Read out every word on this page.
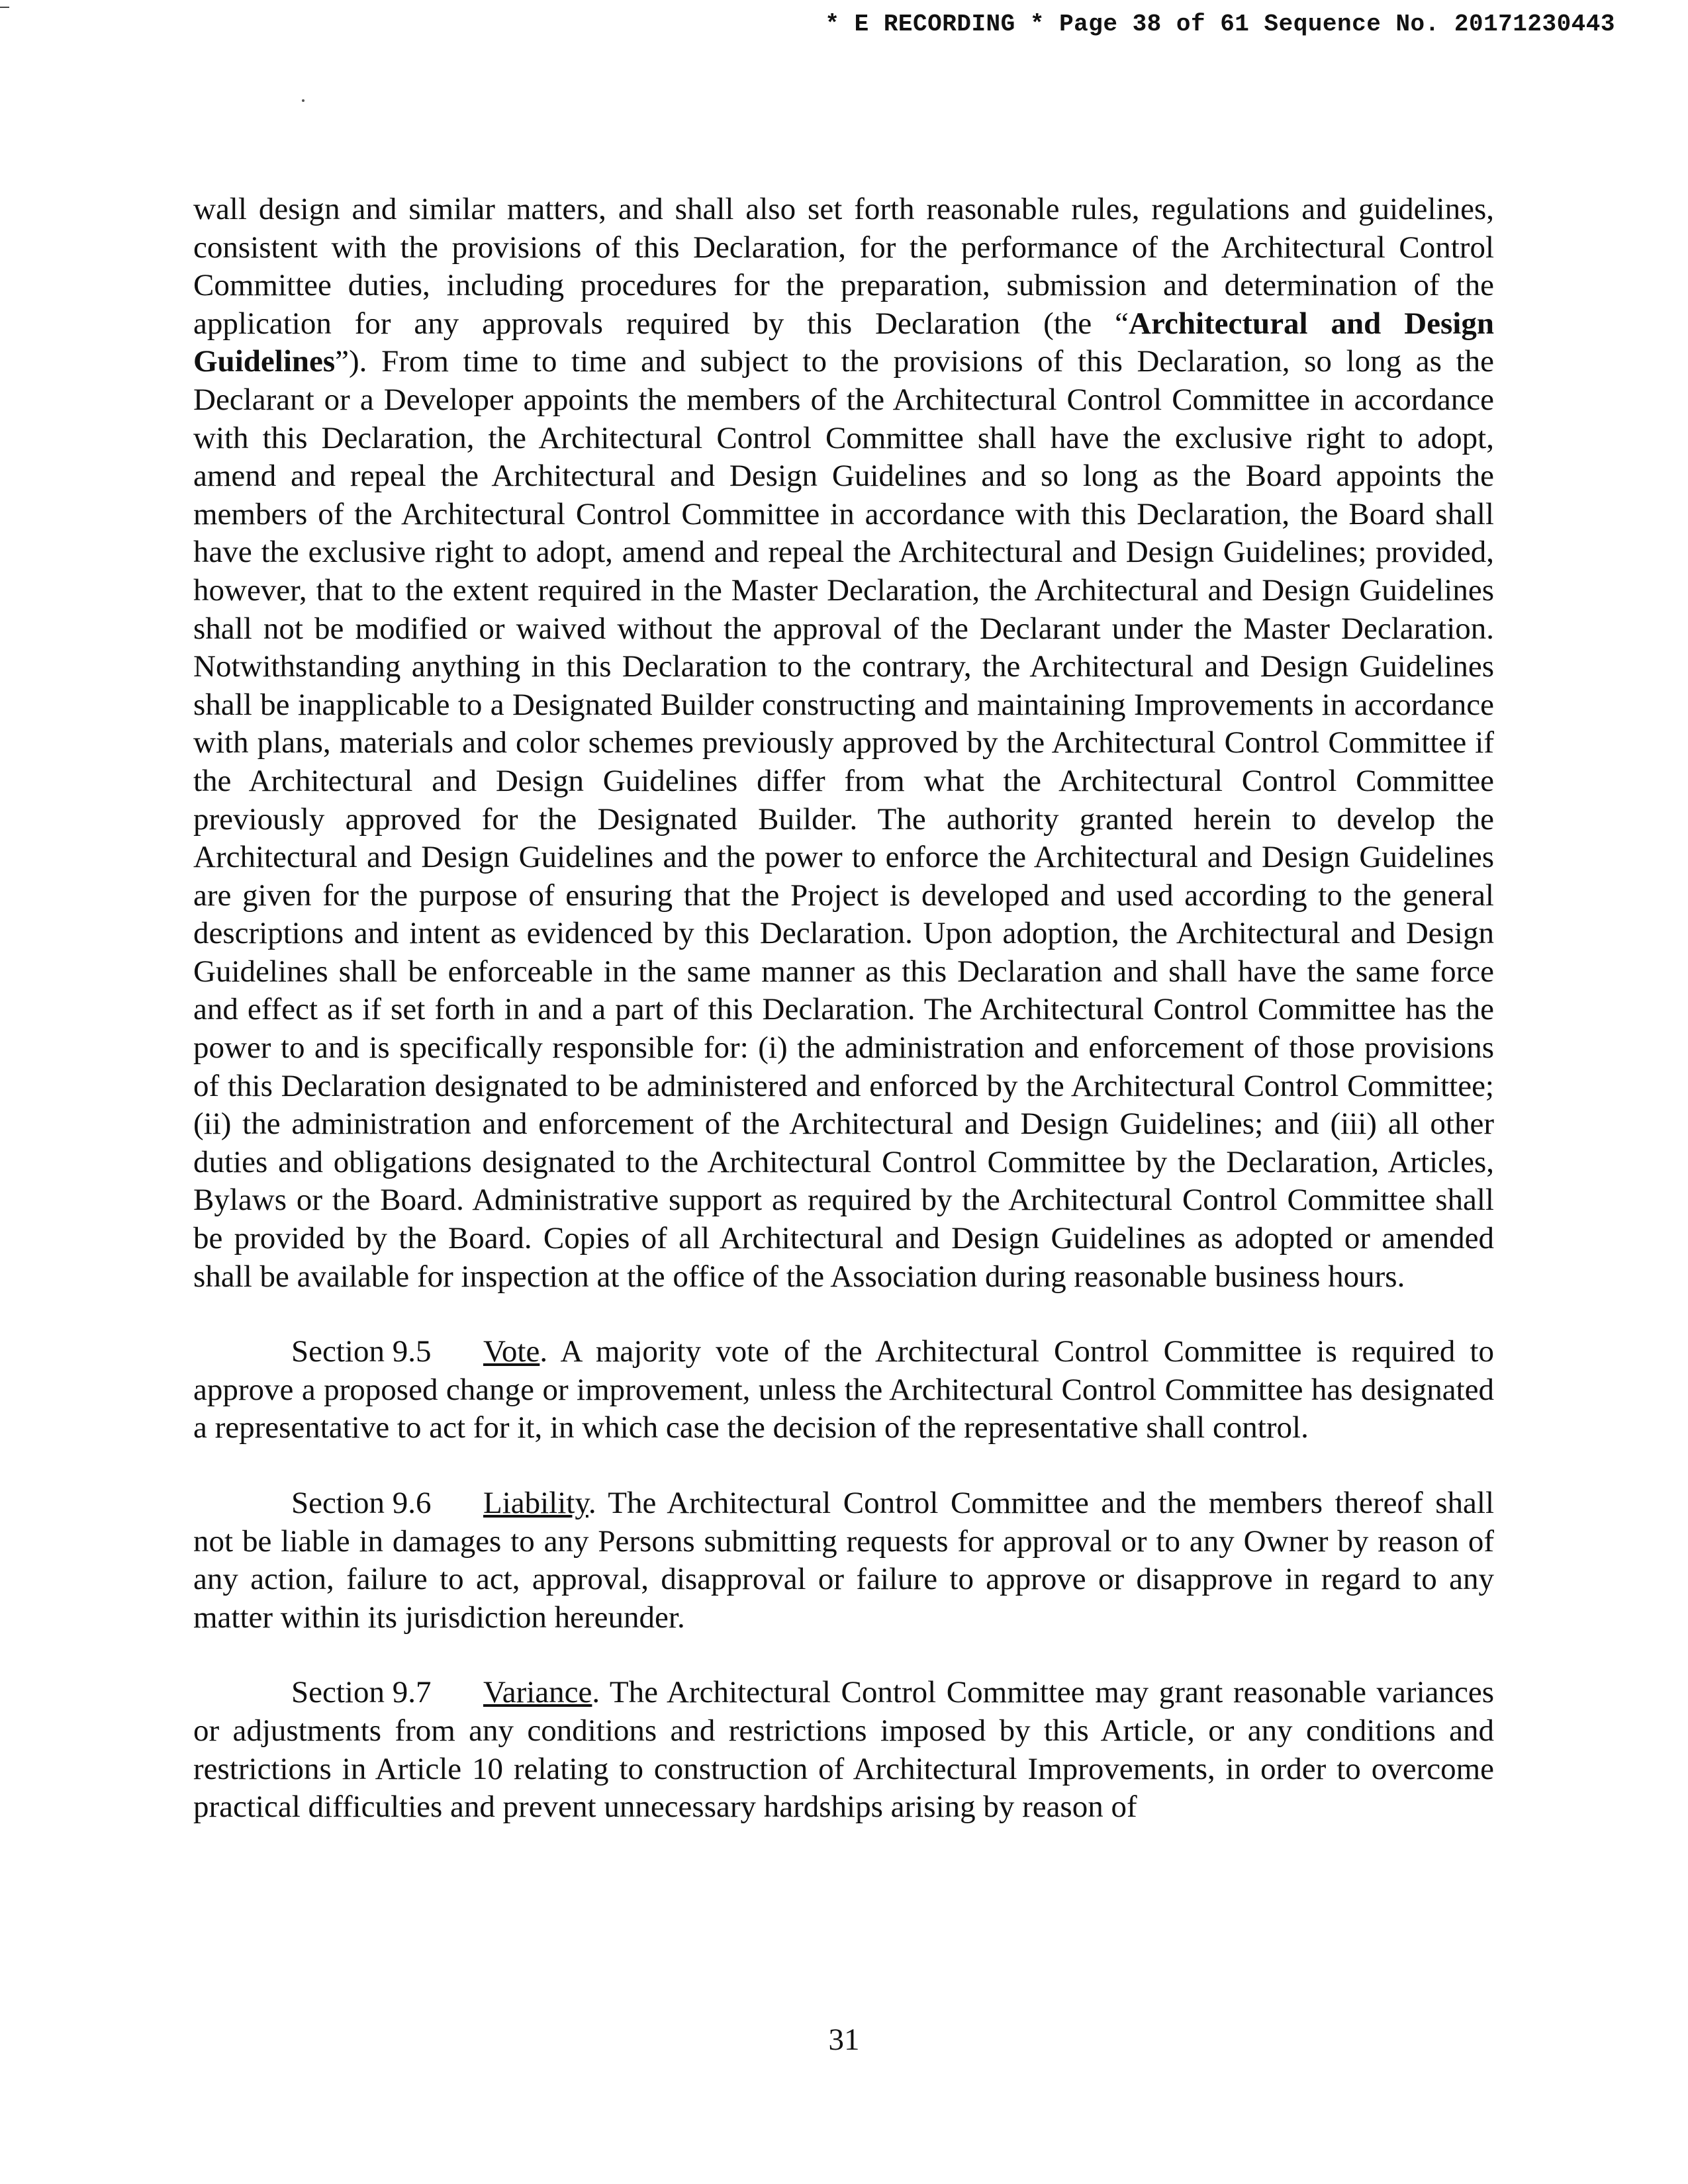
* E RECORDING * Page 38 of 61 Sequence No. 20171230443

wall design and similar matters, and shall also set forth reasonable rules, regulations and guidelines, consistent with the provisions of this Declaration, for the performance of the Architectural Control Committee duties, including procedures for the preparation, submission and determination of the application for any approvals required by this Declaration (the “Architectural and Design Guidelines”). From time to time and subject to the provisions of this Declaration, so long as the Declarant or a Developer appoints the members of the Architectural Control Committee in accordance with this Declaration, the Architectural Control Committee shall have the exclusive right to adopt, amend and repeal the Architectural and Design Guidelines and so long as the Board appoints the members of the Architectural Control Committee in accordance with this Declaration, the Board shall have the exclusive right to adopt, amend and repeal the Architectural and Design Guidelines; provided, however, that to the extent required in the Master Declaration, the Architectural and Design Guidelines shall not be modified or waived without the approval of the Declarant under the Master Declaration. Notwithstanding anything in this Declaration to the contrary, the Architectural and Design Guidelines shall be inapplicable to a Designated Builder constructing and maintaining Improvements in accordance with plans, materials and color schemes previously approved by the Architectural Control Committee if the Architectural and Design Guidelines differ from what the Architectural Control Committee previously approved for the Designated Builder. The authority granted herein to develop the Architectural and Design Guidelines and the power to enforce the Architectural and Design Guidelines are given for the purpose of ensuring that the Project is developed and used according to the general descriptions and intent as evidenced by this Declaration. Upon adoption, the Architectural and Design Guidelines shall be enforceable in the same manner as this Declaration and shall have the same force and effect as if set forth in and a part of this Declaration. The Architectural Control Committee has the power to and is specifically responsible for: (i) the administration and enforcement of those provisions of this Declaration designated to be administered and enforced by the Architectural Control Committee; (ii) the administration and enforcement of the Architectural and Design Guidelines; and (iii) all other duties and obligations designated to the Architectural Control Committee by the Declaration, Articles, Bylaws or the Board. Administrative support as required by the Architectural Control Committee shall be provided by the Board. Copies of all Architectural and Design Guidelines as adopted or amended shall be available for inspection at the office of the Association during reasonable business hours.

Section 9.5 Vote. A majority vote of the Architectural Control Committee is required to approve a proposed change or improvement, unless the Architectural Control Committee has designated a representative to act for it, in which case the decision of the representative shall control.

Section 9.6 Liability. The Architectural Control Committee and the members thereof shall not be liable in damages to any Persons submitting requests for approval or to any Owner by reason of any action, failure to act, approval, disapproval or failure to approve or disapprove in regard to any matter within its jurisdiction hereunder.

Section 9.7 Variance. The Architectural Control Committee may grant reasonable variances or adjustments from any conditions and restrictions imposed by this Article, or any conditions and restrictions in Article 10 relating to construction of Architectural Improvements, in order to overcome practical difficulties and prevent unnecessary hardships arising by reason of

31
